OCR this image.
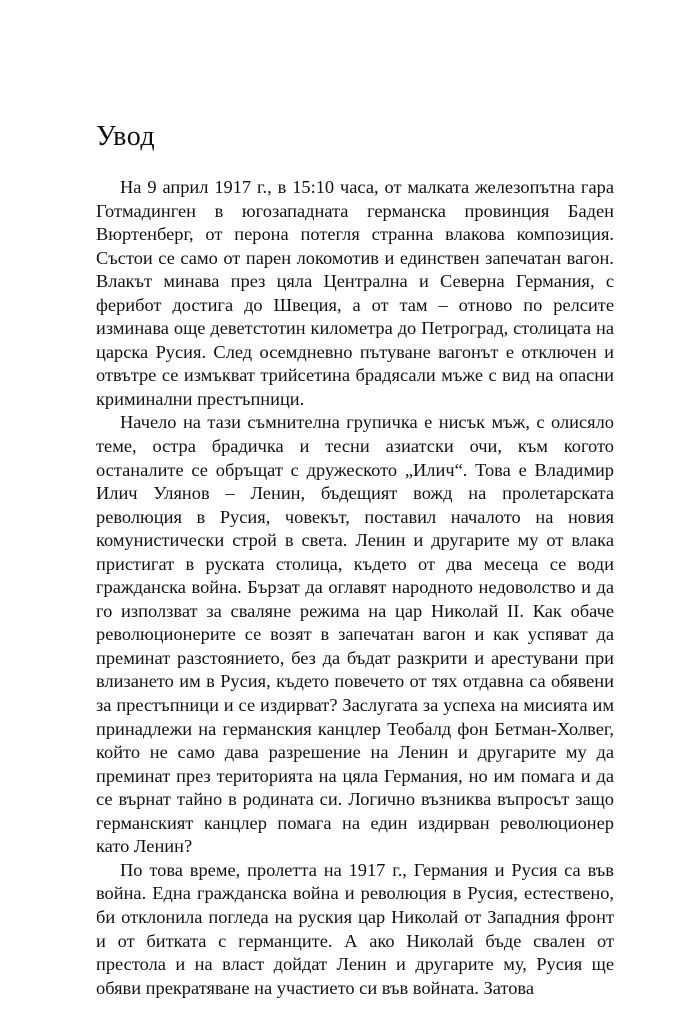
Увод

На 9 април 1917 г., в 15:10 часа, от малката железопътна гара Готмадинген в югозападната германска провинция Баден Вюртенберг, от перона потегля странна влакова композиция. Състои се само от парен локомотив и единствен запечатан вагон. Влакът минава през цяла Централна и Северна Германия, с ферибот достига до Швеция, а от там – отново по релсите изминава още деветстотин километра до Петроград, столицата на царска Русия. След осемдневно пътуване вагонът е отключен и отвътре се измъкват трийсетина брадясали мъже с вид на опасни криминални престъпници.

Начело на тази съмнителна групичка е нисък мъж, с олисяло теме, остра брадичка и тесни азиатски очи, към когото останалите се обръщат с дружеското „Илич“. Това е Владимир Илич Улянов – Ленин, бъдещият вожд на пролетарската революция в Русия, човекът, поставил началото на новия комунистически строй в света. Ленин и другарите му от влака пристигат в руската столица, където от два месеца се води гражданска война. Бързат да оглавят народното недоволство и да го използват за сваляне режима на цар Николай II. Как обаче революционерите се возят в запечатан вагон и как успяват да преминат разстоянието, без да бъдат разкрити и арестувани при влизането им в Русия, където повечето от тях отдавна са обявени за престъпници и се издирват? Заслугата за успеха на мисията им принадлежи на германския канцлер Теобалд фон Бетман-Холвег, който не само дава разрешение на Ленин и другарите му да преминат през територията на цяла Германия, но им помага и да се върнат тайно в родината си. Логично възниква въпросът защо германският канцлер помага на един издирван революционер като Ленин?

По това време, пролетта на 1917 г., Германия и Русия са във война. Една гражданска война и революция в Русия, естествено, би отклонила погледа на руския цар Николай от Западния фронт и от битката с германците. А ако Николай бъде свален от престола и на власт дойдат Ленин и другарите му, Русия ще обяви прекратяване на участието си във войната. Затова
